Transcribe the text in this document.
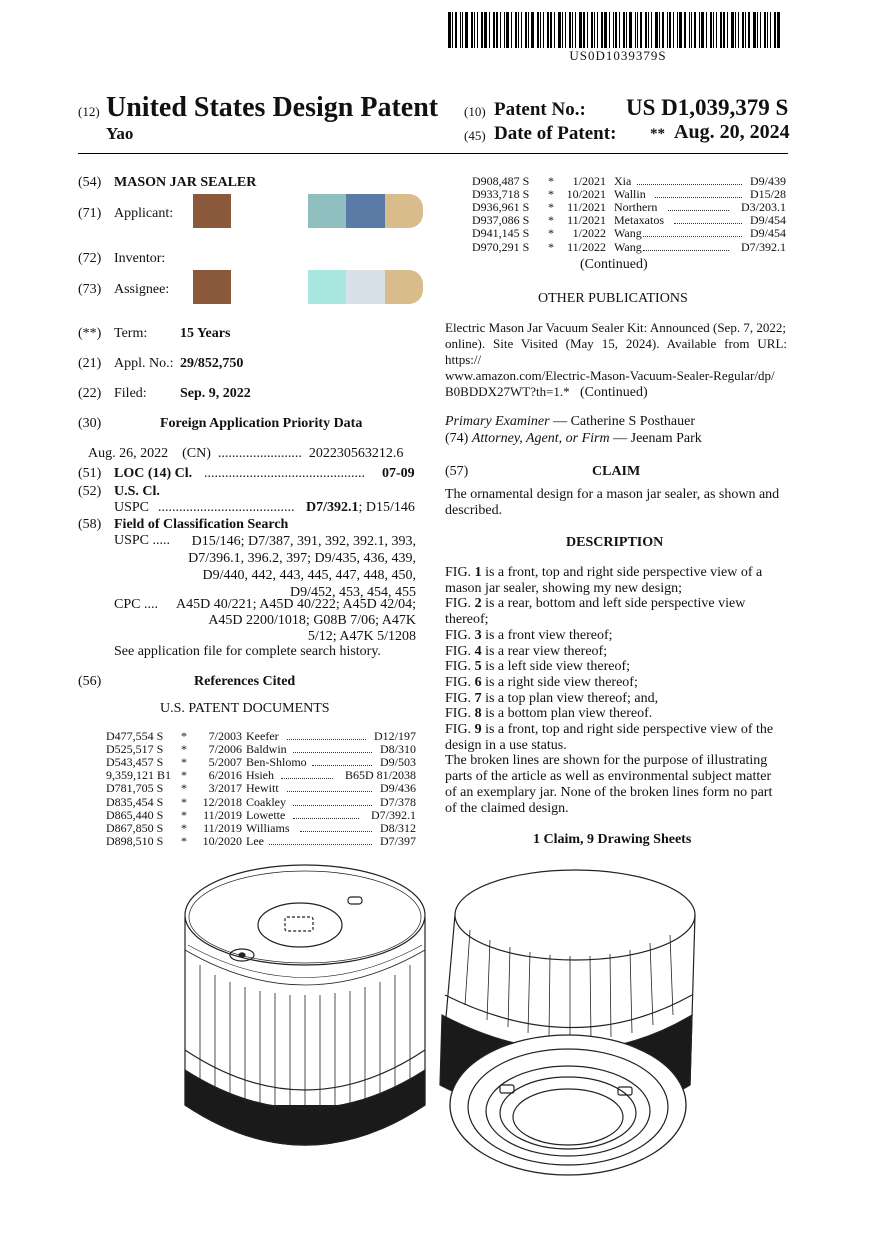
US0D1039379S
(12) United States Design Patent
Yao
(10) Patent No.: US D1,039,379 S
(45) Date of Patent: ** Aug. 20, 2024
(54) MASON JAR SEALER
(71) Applicant:
(72) Inventor:
(73) Assignee:
(**) Term: 15 Years
(21) Appl. No.: 29/852,750
(22) Filed: Sep. 9, 2022
(30)	Foreign Application Priority Data
Aug. 26, 2022    (CN)  ........................  202230563212.6
(51) LOC (14) Cl. .............................................. 07-09
(52) U.S. Cl.
USPC ....................................... D7/392.1; D15/146
(58) Field of Classification Search
USPC .....	D15/146; D7/387, 391, 392, 392.1, 393,
D7/396.1, 396.2, 397; D9/435, 436, 439,
D9/440, 442, 443, 445, 447, 448, 450,
D9/452, 453, 454, 455
CPC ....	A45D 40/221; A45D 40/222; A45D 42/04;
A45D 2200/1018; G08B 7/06; A47K
5/12; A47K 5/1208
See application file for complete search history.
(56)	References Cited
U.S. PATENT DOCUMENTS
D477,554 S *	7/2003 Keefer	D12/197
D525,517 S *	7/2006 Baldwin	D8/310
D543,457 S *	5/2007 Ben-Shlomo	D9/503
9,359,121 B1 *	6/2016 Hsieh	B65D 81/2038
D781,705 S *	3/2017 Hewitt	D9/436
D835,454 S *	12/2018 Coakley	D7/378
D865,440 S *	11/2019 Lowette	D7/392.1
D867,850 S *	11/2019 Williams	D8/312
D898,510 S *	10/2020 Lee	D7/397
D908,487 S *	1/2021 Xia	D9/439
D933,718 S *	10/2021 Wallin	D15/28
D936,961 S *	11/2021 Northern	D3/203.1
D937,086 S *	11/2021 Metaxatos	D9/454
D941,145 S *	1/2022 Wang	D9/454
D970,291 S *	11/2022 Wang	D7/392.1
(Continued)
OTHER PUBLICATIONS
Electric Mason Jar Vacuum Sealer Kit: Announced (Sep. 7, 2022;
online). Site Visited (May 15, 2024). Available from URL: https://
www.amazon.com/Electric-Mason-Vacuum-Sealer-Regular/dp/
B0BDDX27WT?th=1.* (Continued)
Primary Examiner — Catherine S Posthauer
(74) Attorney, Agent, or Firm — Jeenam Park
(57)	CLAIM
The ornamental design for a mason jar sealer, as shown and
described.
DESCRIPTION
FIG. 1 is a front, top and right side perspective view of a
mason jar sealer, showing my new design;
FIG. 2 is a rear, bottom and left side perspective view
thereof;
FIG. 3 is a front view thereof;
FIG. 4 is a rear view thereof;
FIG. 5 is a left side view thereof;
FIG. 6 is a right side view thereof;
FIG. 7 is a top plan view thereof; and,
FIG. 8 is a bottom plan view thereof.
FIG. 9 is a front, top and right side perspective view of the
design in a use status.
The broken lines are shown for the purpose of illustrating
parts of the article as well as environmental subject matter
of an exemplary jar. None of the broken lines form no part
of the claimed design.
1 Claim, 9 Drawing Sheets
